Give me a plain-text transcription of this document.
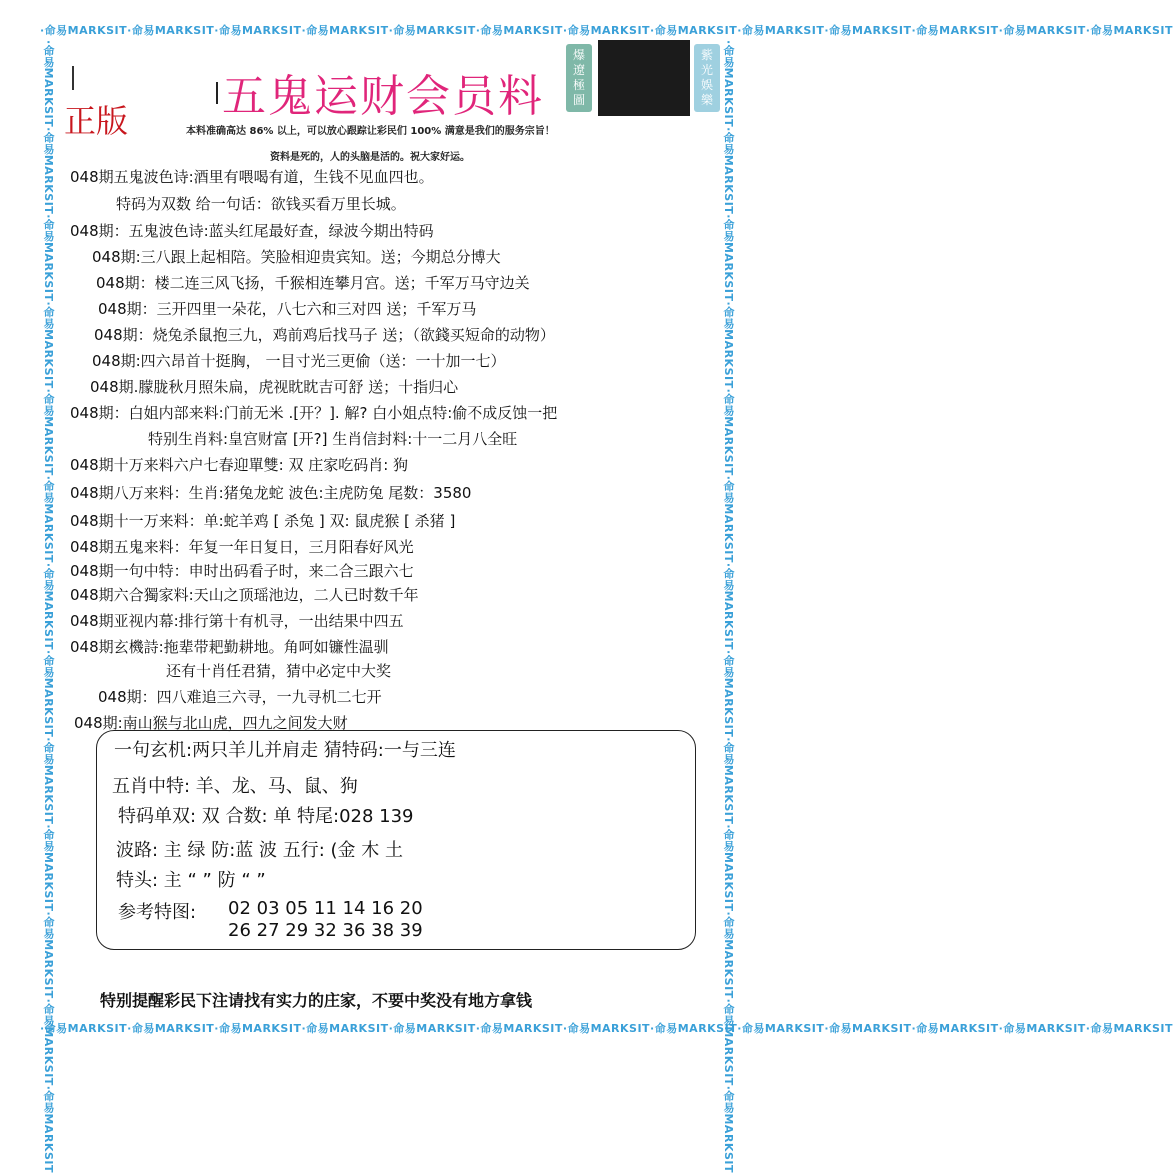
·命易MARKSIT·命易MARKSIT·命易MARKSIT·命易MARKSIT·命易MARKSIT·命易MARKSIT·命易MARKSIT·命易MARKSIT·命易MARKSIT·命易MARKSIT·命易MARKSIT·命易MARKSIT·命易MARKSIT
·命易MARKSIT·命易MARKSIT·命易MARKSIT·命易MARKSIT·命易MARKSIT·命易MARKSIT·命易MARKSIT·命易MARKSIT·命易MARKSIT·命易MARKSIT·命易MARKSIT·命易MARKSIT·命易MARKSIT
·命易MARKSIT·命易MARKSIT·命易MARKSIT·命易MARKSIT·命易MARKSIT·命易MARKSIT·命易MARKSIT·命易MARKSIT·命易MARKSIT·命易MARKSIT·命易MARKSIT·命易MARKSIT·命易MARKSIT	·命易MARKSIT·命易MARKSIT·命易MARKSIT·命易MARKSIT·命易MARKSIT·命易MARKSIT·命易MARKSIT·命易MARKSIT·命易MARKSIT·命易MARKSIT·命易MARKSIT·命易MARKSIT·命易MARKSIT
五鬼运财会员料
正版
爆 遼 極 圖
紫 光 娛 樂
本料准确高达 86% 以上，可以放心跟踪让彩民们 100% 满意是我们的服务宗旨！
资料是死的，人的头脑是活的。祝大家好运。
048期五鬼波色诗:酒里有喂喝有道，生钱不见血四也。
特码为双数 给一句话：欲钱买看万里长城。
048期：五鬼波色诗:蓝头红尾最好查，绿波今期出特码
048期:三八跟上起相陪。笑脸相迎贵宾知。送；今期总分博大
048期：楼二连三风飞扬，千猴相连攀月宫。送；千军万马守边关
048期：三开四里一朵花，八七六和三对四 送；千军万马
048期：烧兔杀鼠抱三九，鸡前鸡后找马子 送；（欲錢买短命的动物）
048期:四六昂首十挺胸， 一目寸光三更偷（送：一十加一七）
048期.朦胧秋月照朱扁，虎视眈眈吉可舒 送；十指归心
048期：白姐内部来料:门前无米 .[开？]. 解? 白小姐点特:偷不成反蚀一把
特别生肖料:皇宫财富 [开?] 生肖信封料:十一二月八全旺
048期十万来料六户七春迎單雙: 双 庄家吃码肖: 狗
048期八万来料：生肖:猪兔龙蛇 波色:主虎防兔 尾数：3580
048期十一万来料：单:蛇羊鸡 [ 杀兔 ] 双: 鼠虎猴 [ 杀猪 ]
048期五鬼来料：年复一年日复日，三月阳春好风光
048期一句中特：申时出码看子时，来二合三跟六七
048期六合獨家料:天山之顶瑶池边，二人已时数千年
048期亚视内幕:排行第十有机寻，一出结果中四五
048期玄機詩:拖辈带耙勤耕地。角呵如镰性温驯
还有十肖任君猜，猜中必定中大奖
048期：四八难追三六寻，一九寻机二七开
048期:南山猴与北山虎，四九之间发大财
一句玄机:两只羊儿并肩走 猜特码:一与三连
五肖中特: 羊、龙、马、鼠、狗
特码单双: 双 合数: 单 特尾:028 139
波路: 主 绿 防:蓝 波 五行: (金 木 土
特头: 主 “ ” 防 “ ”
参考特图: 02 03 05 11 14 16 20
26 27 29 32 36 38 39
特别提醒彩民下注请找有实力的庄家，不要中奖没有地方拿钱
